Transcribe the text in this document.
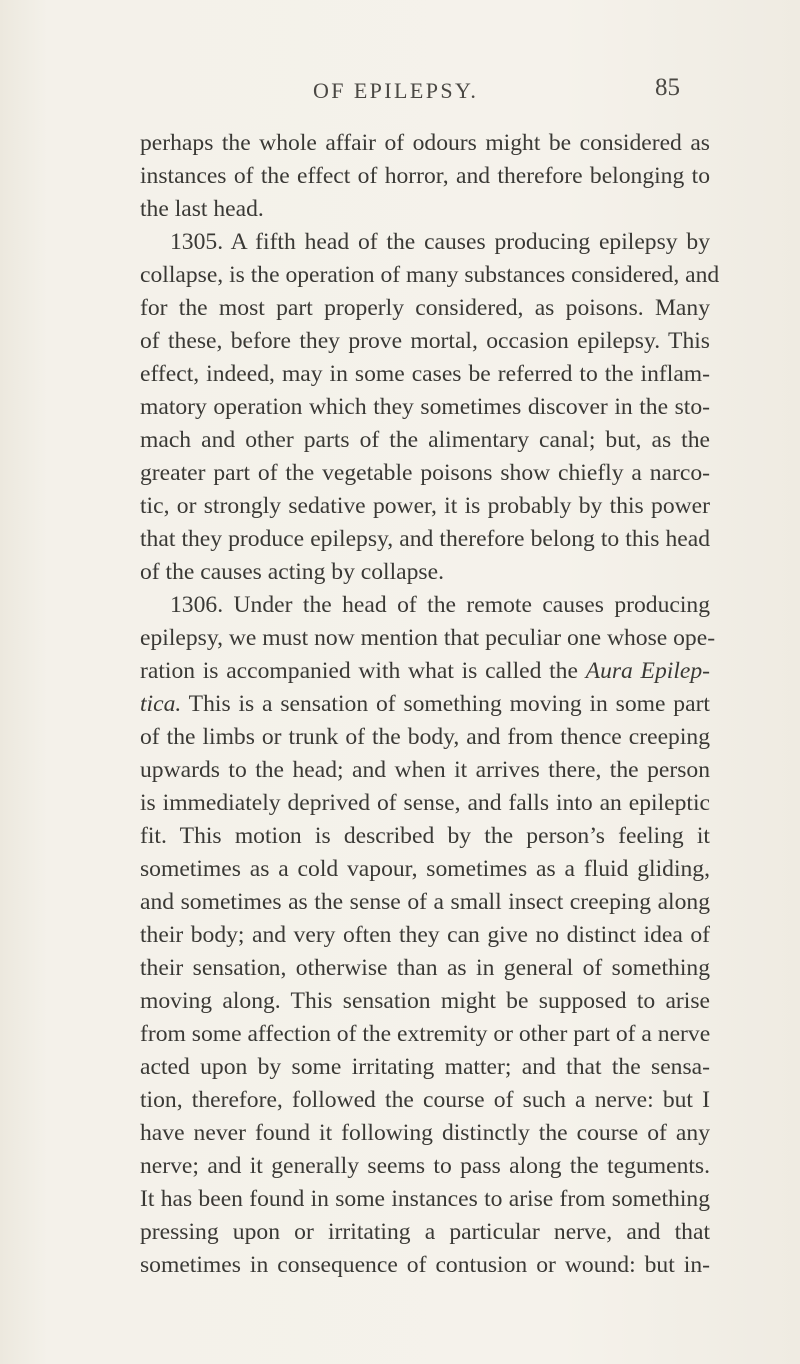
OF EPILEPSY.	85
perhaps the whole affair of odours might be considered as
instances of the effect of horror, and therefore belonging to
the last head.
1305. A fifth head of the causes producing epilepsy by
collapse, is the operation of many substances considered, and
for the most part properly considered, as poisons. Many
of these, before they prove mortal, occasion epilepsy. This
effect, indeed, may in some cases be referred to the inflam-
matory operation which they sometimes discover in the sto-
mach and other parts of the alimentary canal; but, as the
greater part of the vegetable poisons show chiefly a narco-
tic, or strongly sedative power, it is probably by this power
that they produce epilepsy, and therefore belong to this head
of the causes acting by collapse.
1306. Under the head of the remote causes producing
epilepsy, we must now mention that peculiar one whose ope-
ration is accompanied with what is called the Aura Epilep-
tica. This is a sensation of something moving in some part
of the limbs or trunk of the body, and from thence creeping
upwards to the head; and when it arrives there, the person
is immediately deprived of sense, and falls into an epileptic
fit. This motion is described by the person’s feeling it
sometimes as a cold vapour, sometimes as a fluid gliding,
and sometimes as the sense of a small insect creeping along
their body; and very often they can give no distinct idea of
their sensation, otherwise than as in general of something
moving along. This sensation might be supposed to arise
from some affection of the extremity or other part of a nerve
acted upon by some irritating matter; and that the sensa-
tion, therefore, followed the course of such a nerve: but I
have never found it following distinctly the course of any
nerve; and it generally seems to pass along the teguments.
It has been found in some instances to arise from something
pressing upon or irritating a particular nerve, and that
sometimes in consequence of contusion or wound: but in-
